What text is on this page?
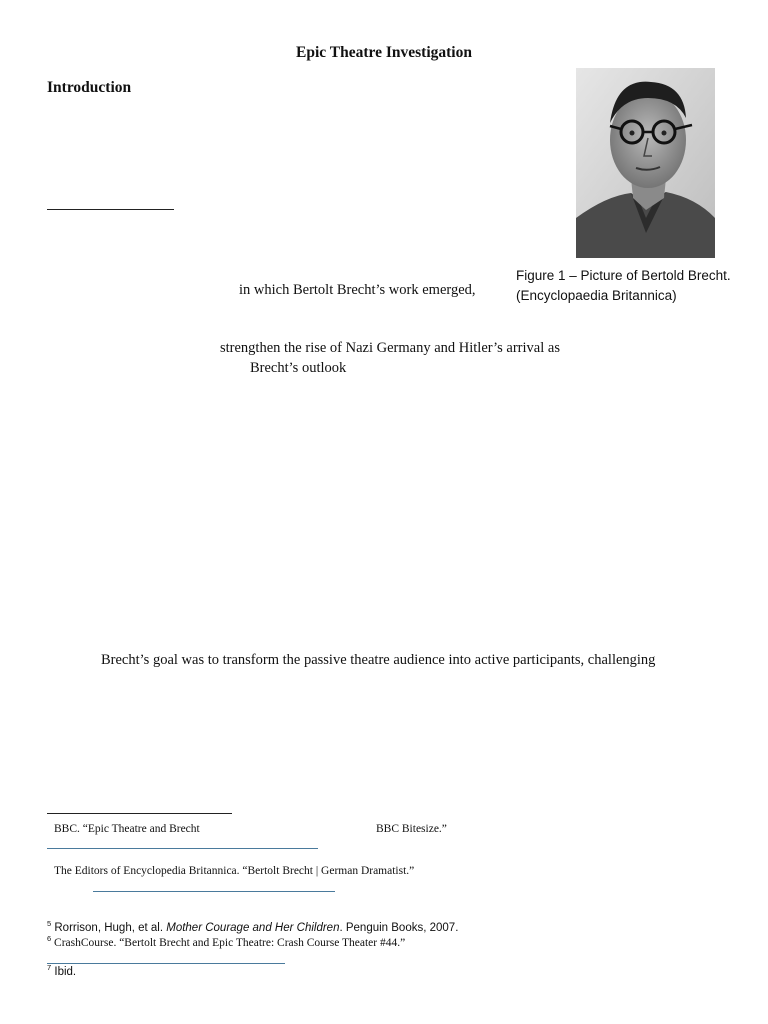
Epic Theatre Investigation
Introduction
Figure 1 – Picture of Bertold Brecht.
(Encyclopaedia Britannica)
in which Bertolt Brecht’s work emerged,
strengthen the rise of Nazi Germany and Hitler’s arrival as
Brecht’s outlook
Brecht’s goal was to transform the passive theatre audience into active participants, challenging
BBC. “Epic Theatre and Brecht	BBC Bitesize.”
The Editors of Encyclopedia Britannica. “Bertolt Brecht | German Dramatist.”
$^5$ Rorrison, Hugh, et al. Mother Courage and Her Children. Penguin Books, 2007.
$^6$ CrashCourse. “Bertolt Brecht and Epic Theatre: Crash Course Theater #44.”
$^7$ Ibid.
